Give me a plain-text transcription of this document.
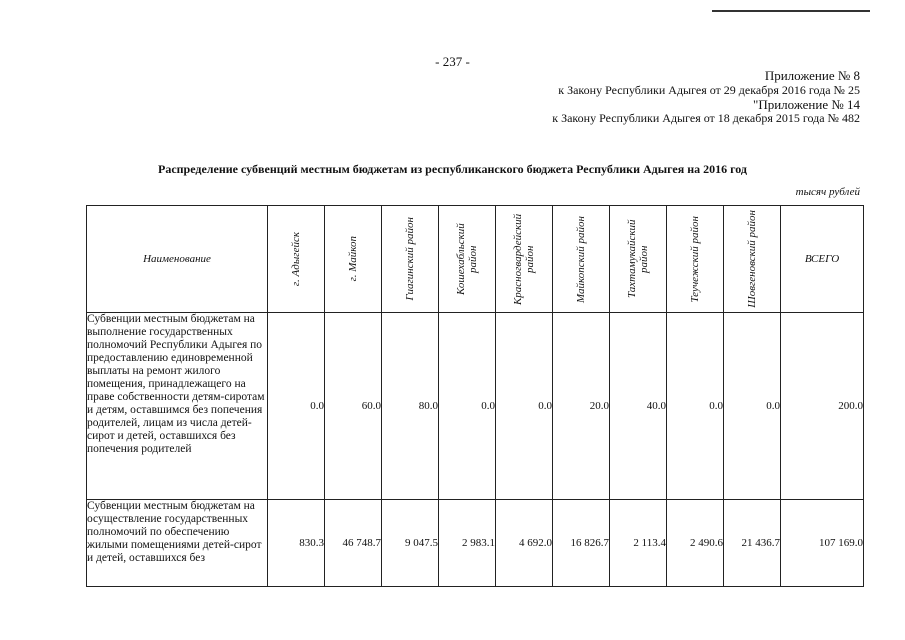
- 237 -
Приложение № 8
к Закону Республики Адыгея от 29 декабря 2016 года № 25
"Приложение № 14
к Закону Республики Адыгея от 18 декабря 2015 года № 482
Распределение субвенций местным бюджетам из республиканского бюджета Республики Адыгея на 2016 год
тысяч рублей
Наименование	г. Адыгейск	г. Майкоп	Гиагинский район	Кошехабльский район	Красногвардейский район	Майкопский район	Тахтамукайский район	Теучежский район	Шовгеновский район	ВСЕГО
Субвенции местным бюджетам на выполнение государственных полномочий Республики Адыгея по предоставлению единовременной выплаты на ремонт жилого помещения, принадлежащего на праве собственности детям-сиротам и детям, оставшимся без попечения родителей, лицам из числа детей-сирот и детей, оставшихся без попечения родителей	0.0	60.0	80.0	0.0	0.0	20.0	40.0	0.0	0.0	200.0

Субвенции местным бюджетам на осуществление государственных полномочий по обеспечению жилыми помещениями детей-сирот и детей, оставшихся без	830.3	46 748.7	9 047.5	2 983.1	4 692.0	16 826.7	2 113.4	2 490.6	21 436.7	107 169.0
